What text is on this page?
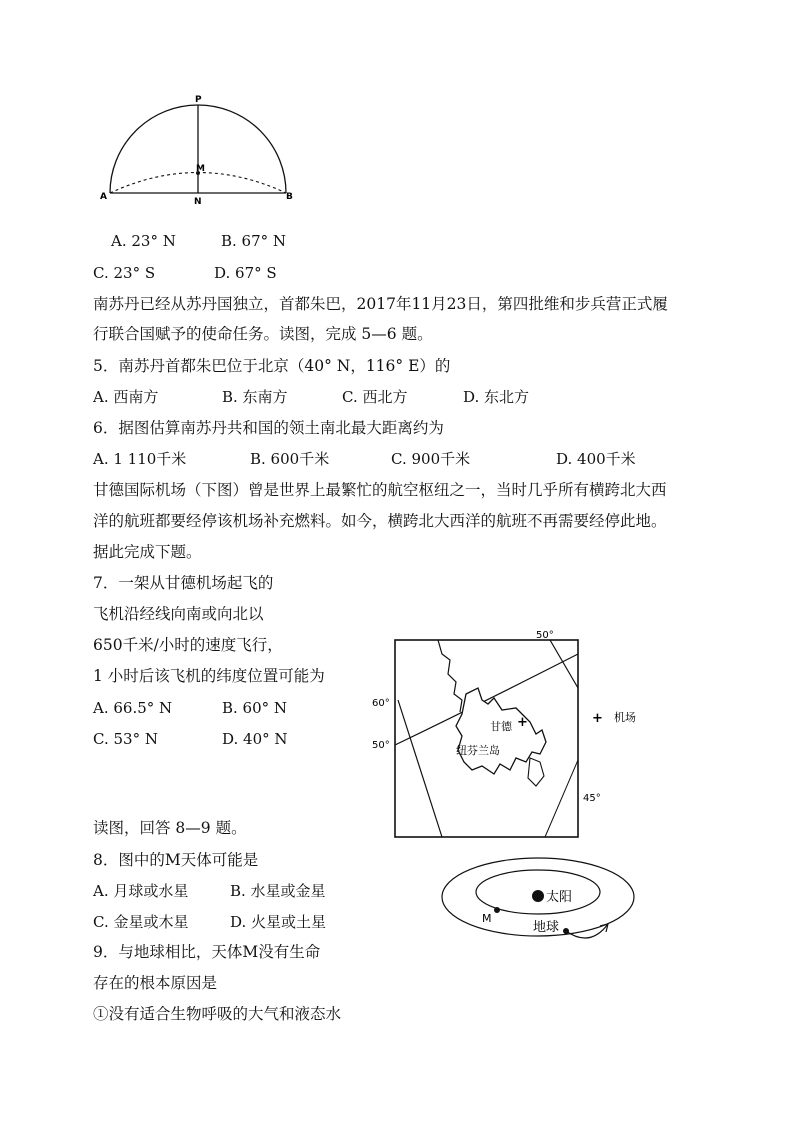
P
M
A	N	B
A. 23° N	B. 67° N
C. 23° S	D. 67° S
南苏丹已经从苏丹国独立，首都朱巴，2017年11月23日，第四批维和步兵营正式履
行联合国赋予的使命任务。读图，完成 5—6 题。
5．南苏丹首都朱巴位于北京（40° N，116° E）的
A. 西南方	B. 东南方	C. 西北方	D. 东北方
6．据图估算南苏丹共和国的领土南北最大距离约为
A. 1 110千米	B. 600千米	C. 900千米	D. 400千米
甘德国际机场（下图）曾是世界上最繁忙的航空枢纽之一，当时几乎所有横跨北大西
洋的航班都要经停该机场补充燃料。如今，横跨北大西洋的航班不再需要经停此地。
据此完成下题。
7．一架从甘德机场起飞的
飞机沿经线向南或向北以
650千米/小时的速度飞行，
1 小时后该飞机的纬度位置可能为
A. 66.5° N	B. 60° N
C. 53° N	D. 40° N
+
50°
60°
50°
45°
甘德
纽芬兰岛
+ 机场
读图，回答 8—9 题。
8．图中的M天体可能是
A. 月球或水星	B. 水星或金星
C. 金星或木星	D. 火星或土星
太阳
M
地球
9．与地球相比，天体M没有生命
存在的根本原因是
①没有适合生物呼吸的大气和液态水
